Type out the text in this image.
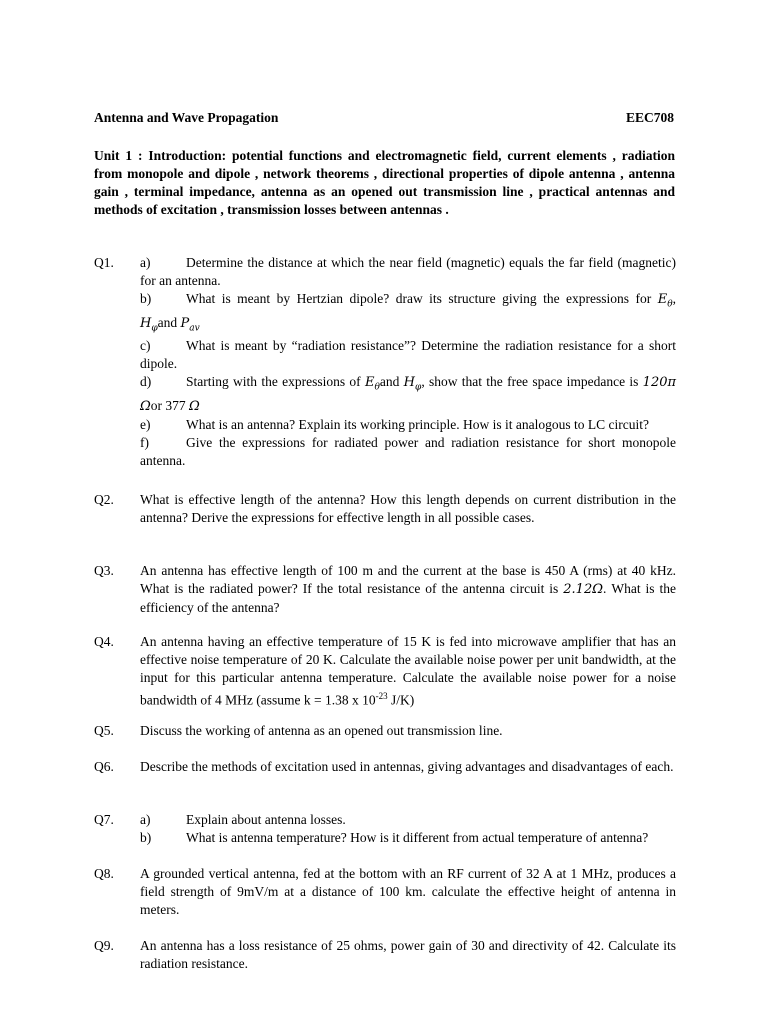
Antenna and Wave Propagation	EEC708
Unit 1 : Introduction: potential functions and electromagnetic field, current elements , radiation from monopole and dipole , network theorems , directional properties of dipole antenna , antenna gain , terminal impedance, antenna as an opened out transmission line , practical antennas and methods of excitation , transmission losses between antennas .
Q1. a)	Determine the distance at which the near field (magnetic) equals the far field (magnetic) for an antenna.
b)	What is meant by Hertzian dipole? draw its structure giving the expressions for $E_\theta$, $H_\varphi and$ $P_{av}$
c)	What is meant by “radiation resistance”? Determine the radiation resistance for a short dipole.
d)	Starting with the expressions of $E_\theta and$ $H_\varphi$, show that the free space impedance is 120π Ωor 377 Ω
e)	What is an antenna? Explain its working principle. How is it analogous to LC circuit?
f)	Give the expressions for radiated power and radiation resistance for short monopole antenna.
Q2. What is effective length of the antenna? How this length depends on current distribution in the antenna? Derive the expressions for effective length in all possible cases.
Q3. An antenna has effective length of 100 m and the current at the base is 450 A (rms) at 40 kHz. What is the radiated power? If the total resistance of the antenna circuit is 2.12Ω. What is the efficiency of the antenna?
Q4. An antenna having an effective temperature of 15 K is fed into microwave amplifier that has an effective noise temperature of 20 K. Calculate the available noise power per unit bandwidth, at the input for this particular antenna temperature. Calculate the available noise power for a noise bandwidth of 4 MHz (assume k = 1.38 x $10^{-23}$ J/K)
Q5. Discuss the working of antenna as an opened out transmission line.
Q6. Describe the methods of excitation used in antennas, giving advantages and disadvantages of each.
Q7. a)	Explain about antenna losses.
b)	What is antenna temperature? How is it different from actual temperature of antenna?
Q8. A grounded vertical antenna, fed at the bottom with an RF current of 32 A at 1 MHz, produces a field strength of 9mV/m at a distance of 100 km. calculate the effective height of antenna in meters.
Q9. An antenna has a loss resistance of 25 ohms, power gain of 30 and directivity of 42. Calculate its radiation resistance.
